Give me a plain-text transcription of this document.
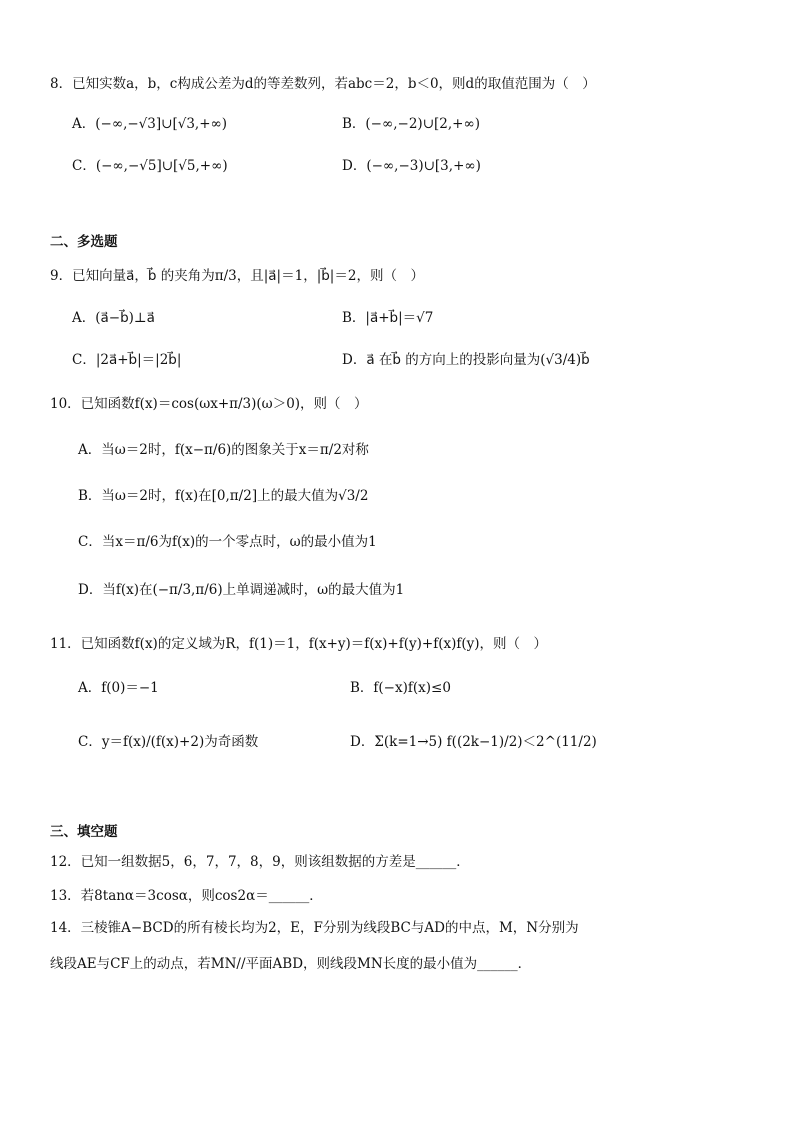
8．已知实数a，b，c构成公差为d的等差数列，若abc＝2，b＜0，则d的取值范围为（　）
A．(−∞,−√3]∪[√3,+∞)	B．(−∞,−2)∪[2,+∞)
C．(−∞,−√5]∪[√5,+∞)	D．(−∞,−3)∪[3,+∞)
二、多选题
9．已知向量a⃗，b⃗ 的夹角为π/3，且|a⃗|＝1，|b⃗|＝2，则（　）
A．(a⃗−b⃗)⊥a⃗	B．|a⃗+b⃗|＝√7
C．|2a⃗+b⃗|＝|2b⃗|	D．a⃗ 在b⃗ 的方向上的投影向量为(√3/4)b⃗
10．已知函数f(x)＝cos(ωx+π/3)(ω＞0)，则（　）
A．当ω＝2时，f(x−π/6)的图象关于x＝π/2对称
B．当ω＝2时，f(x)在[0,π/2]上的最大值为√3/2
C．当x＝π/6为f(x)的一个零点时，ω的最小值为1
D．当f(x)在(−π/3,π/6)上单调递减时，ω的最大值为1
11．已知函数f(x)的定义域为R，f(1)＝1，f(x+y)＝f(x)+f(y)+f(x)f(y)，则（　）
A．f(0)＝−1	B．f(−x)f(x)≤0
C．y＝f(x)/(f(x)+2)为奇函数	D．Σ(k=1→5) f((2k−1)/2)＜2^(11/2)
三、填空题
12．已知一组数据5，6，7，7，8，9，则该组数据的方差是______．
13．若8tanα＝3cosα，则cos2α＝______．
14．三棱锥A−BCD的所有棱长均为2，E，F分别为线段BC与AD的中点，M，N分别为
线段AE与CF上的动点，若MN//平面ABD，则线段MN长度的最小值为______．
